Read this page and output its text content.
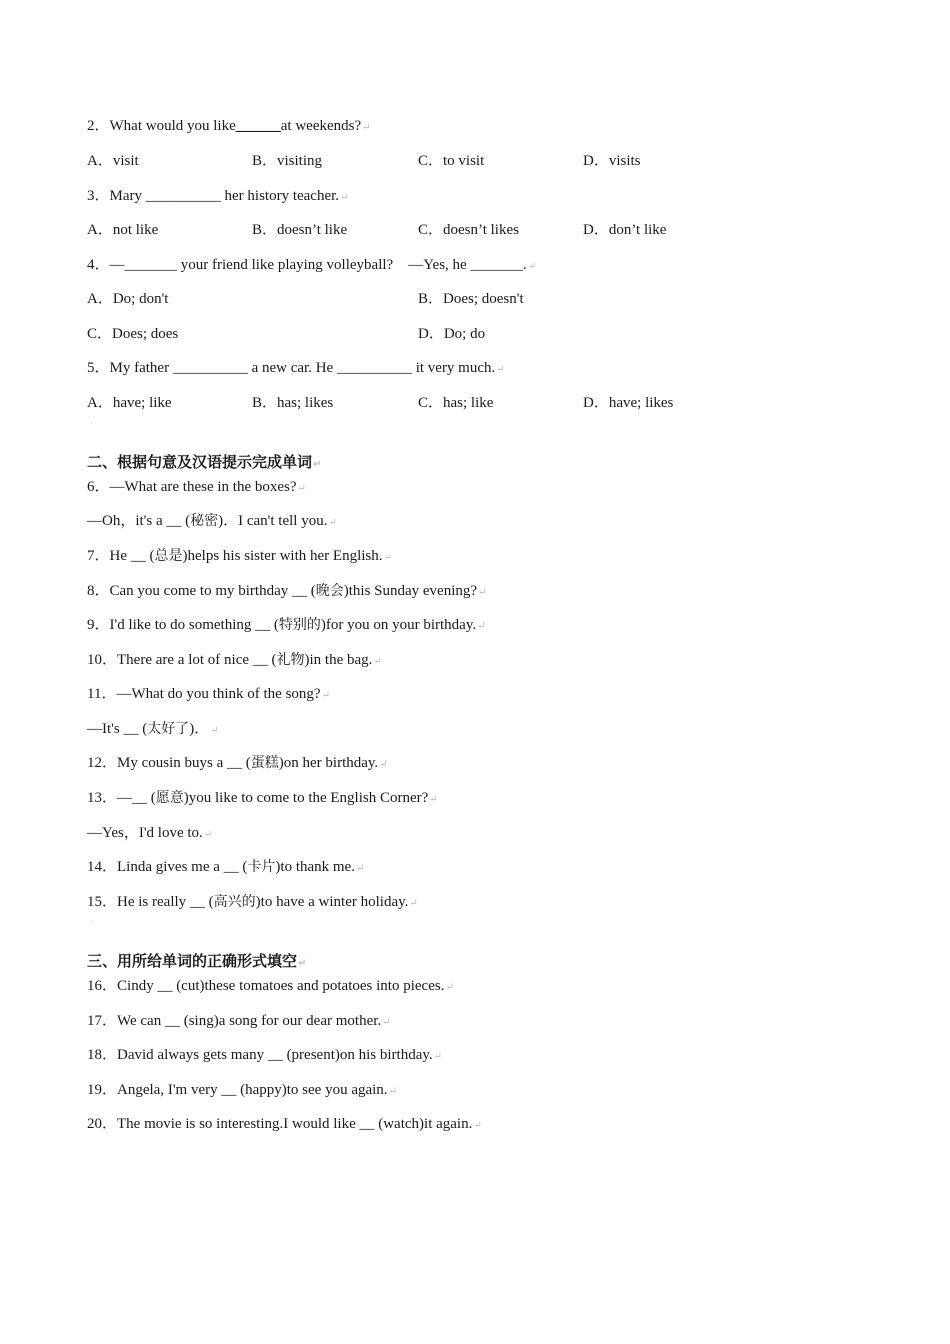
2．What would you like______at weekends?↵
A．visit	B．visiting	C．to visit	D．visits
3．Mary __________ her history teacher.↵
A．not like	B．doesn’t like	C．doesn’t likes	D．don’t like
4．—_______ your friend like playing volleyball?　—Yes, he _______.↵
A．Do; don't	B．Does; doesn't
C．Does; does	D．Do; do
5．My father __________ a new car. He __________ it very much.↵
A．have; like	B．has; likes	C．has; like	D．have; likes
·
二、根据句意及汉语提示完成单词↵
6．—What are these in the boxes?↵
—Oh，it's a __ (秘密)．I can't tell you.↵
7．He __ (总是)helps his sister with her English.↵
8．Can you come to my birthday __ (晚会)this Sunday evening?↵
9．I'd like to do something __ (特别的)for you on your birthday.↵
10．There are a lot of nice __ (礼物)in the bag.↵
11．—What do you think of the song?↵
—It's __ (太好了)．↵
12．My cousin buys a __ (蛋糕)on her birthday.↵
13．—__ (愿意)you like to come to the English Corner?↵
—Yes，I'd love to.↵
14．Linda gives me a __ (卡片)to thank me.↵
15．He is really __ (高兴的)to have a winter holiday.↵
·
三、用所给单词的正确形式填空↵
16．Cindy __ (cut)these tomatoes and potatoes into pieces.↵
17．We can __ (sing)a song for our dear mother.↵
18．David always gets many __ (present)on his birthday.↵
19．Angela, I'm very __ (happy)to see you again.↵
20．The movie is so interesting.I would like __ (watch)it again.↵
